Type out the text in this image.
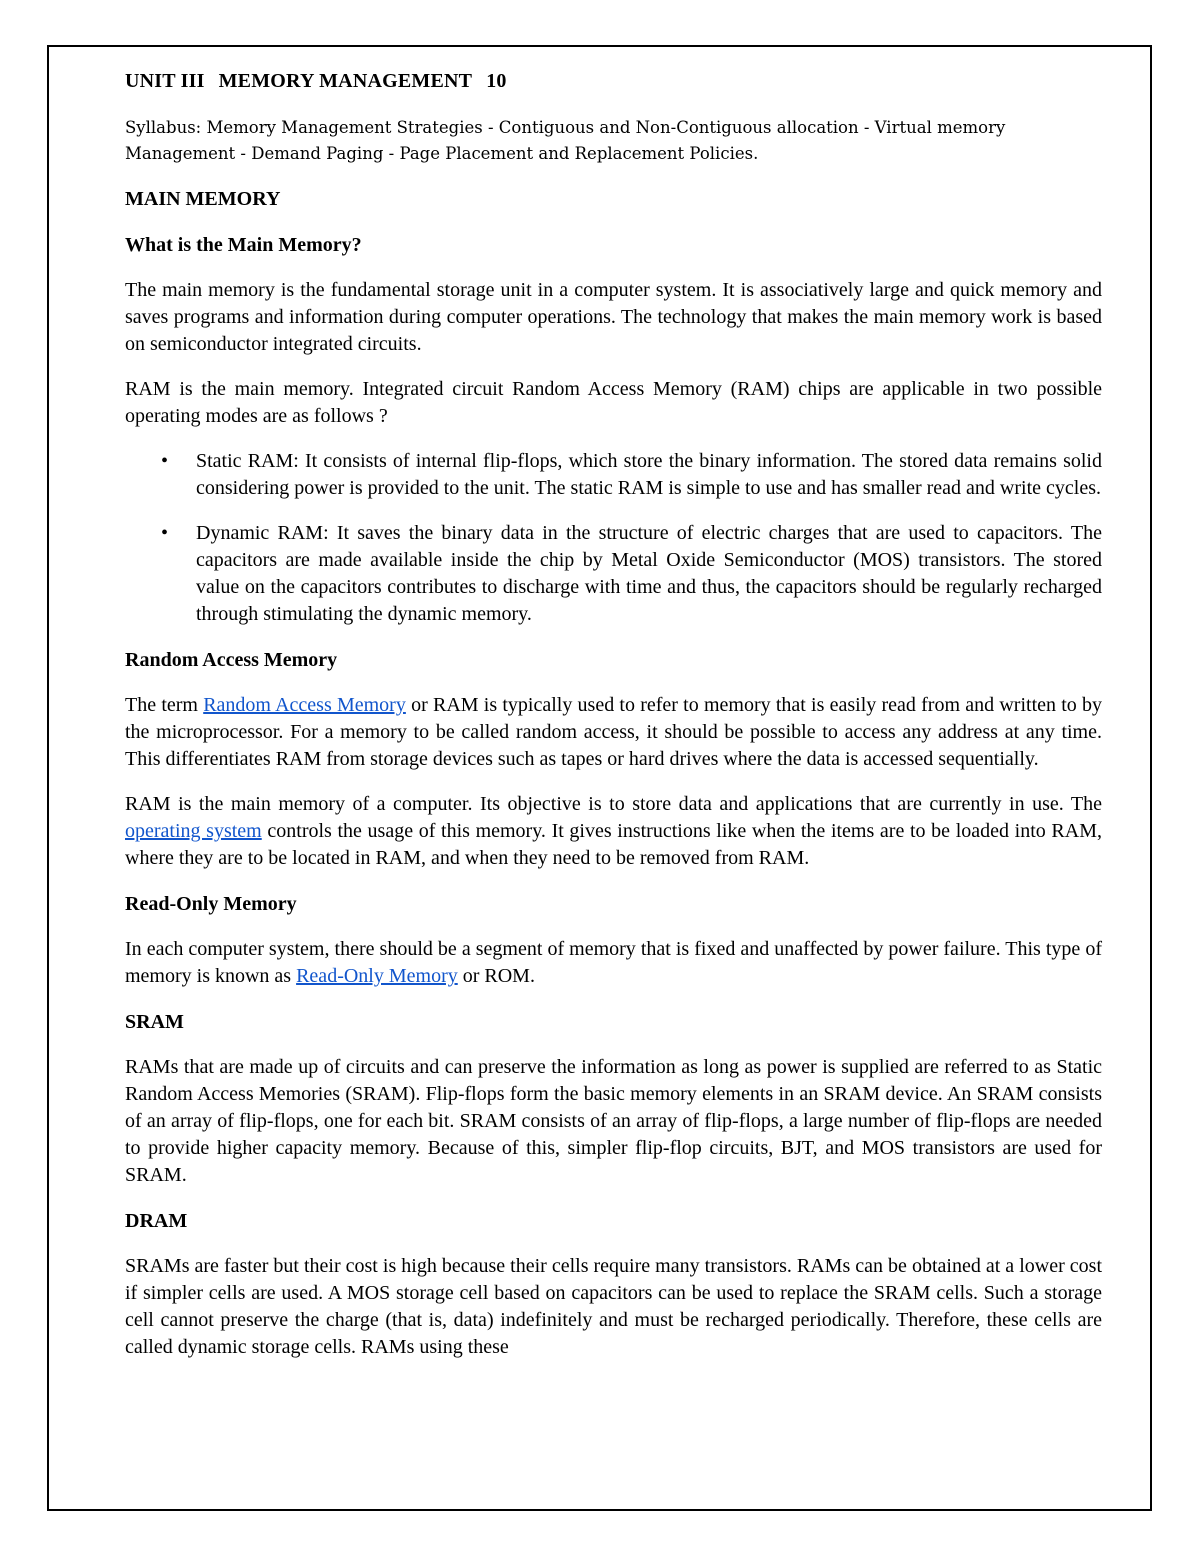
UNIT III MEMORY MANAGEMENT 10

Syllabus: Memory Management Strategies - Contiguous and Non-Contiguous allocation - Virtual memory Management - Demand Paging - Page Placement and Replacement Policies.

MAIN MEMORY
What is the Main Memory?

The main memory is the fundamental storage unit in a computer system. It is associatively large and quick memory and saves programs and information during computer operations. The technology that makes the main memory work is based on semiconductor integrated circuits.

RAM is the main memory. Integrated circuit Random Access Memory (RAM) chips are applicable in two possible operating modes are as follows ?

• Static RAM: It consists of internal flip-flops, which store the binary information. The stored data remains solid considering power is provided to the unit. The static RAM is simple to use and has smaller read and write cycles.
• Dynamic RAM: It saves the binary data in the structure of electric charges that are used to capacitors. The capacitors are made available inside the chip by Metal Oxide Semiconductor (MOS) transistors. The stored value on the capacitors contributes to discharge with time and thus, the capacitors should be regularly recharged through stimulating the dynamic memory.
Random Access Memory

The term Random Access Memory or RAM is typically used to refer to memory that is easily read from and written to by the microprocessor. For a memory to be called random access, it should be possible to access any address at any time. This differentiates RAM from storage devices such as tapes or hard drives where the data is accessed sequentially.

RAM is the main memory of a computer. Its objective is to store data and applications that are currently in use. The operating system controls the usage of this memory. It gives instructions like when the items are to be loaded into RAM, where they are to be located in RAM, and when they need to be removed from RAM.

Read-Only Memory

In each computer system, there should be a segment of memory that is fixed and unaffected by power failure. This type of memory is known as Read-Only Memory or ROM.

SRAM

RAMs that are made up of circuits and can preserve the information as long as power is supplied are referred to as Static Random Access Memories (SRAM). Flip-flops form the basic memory elements in an SRAM device. An SRAM consists of an array of flip-flops, one for each bit. SRAM consists of an array of flip-flops, a large number of flip-flops are needed to provide higher capacity memory. Because of this, simpler flip-flop circuits, BJT, and MOS transistors are used for SRAM.

DRAM

SRAMs are faster but their cost is high because their cells require many transistors. RAMs can be obtained at a lower cost if simpler cells are used. A MOS storage cell based on capacitors can be used to replace the SRAM cells. Such a storage cell cannot preserve the charge (that is, data) indefinitely and must be recharged periodically. Therefore, these cells are called dynamic storage cells. RAMs using these
